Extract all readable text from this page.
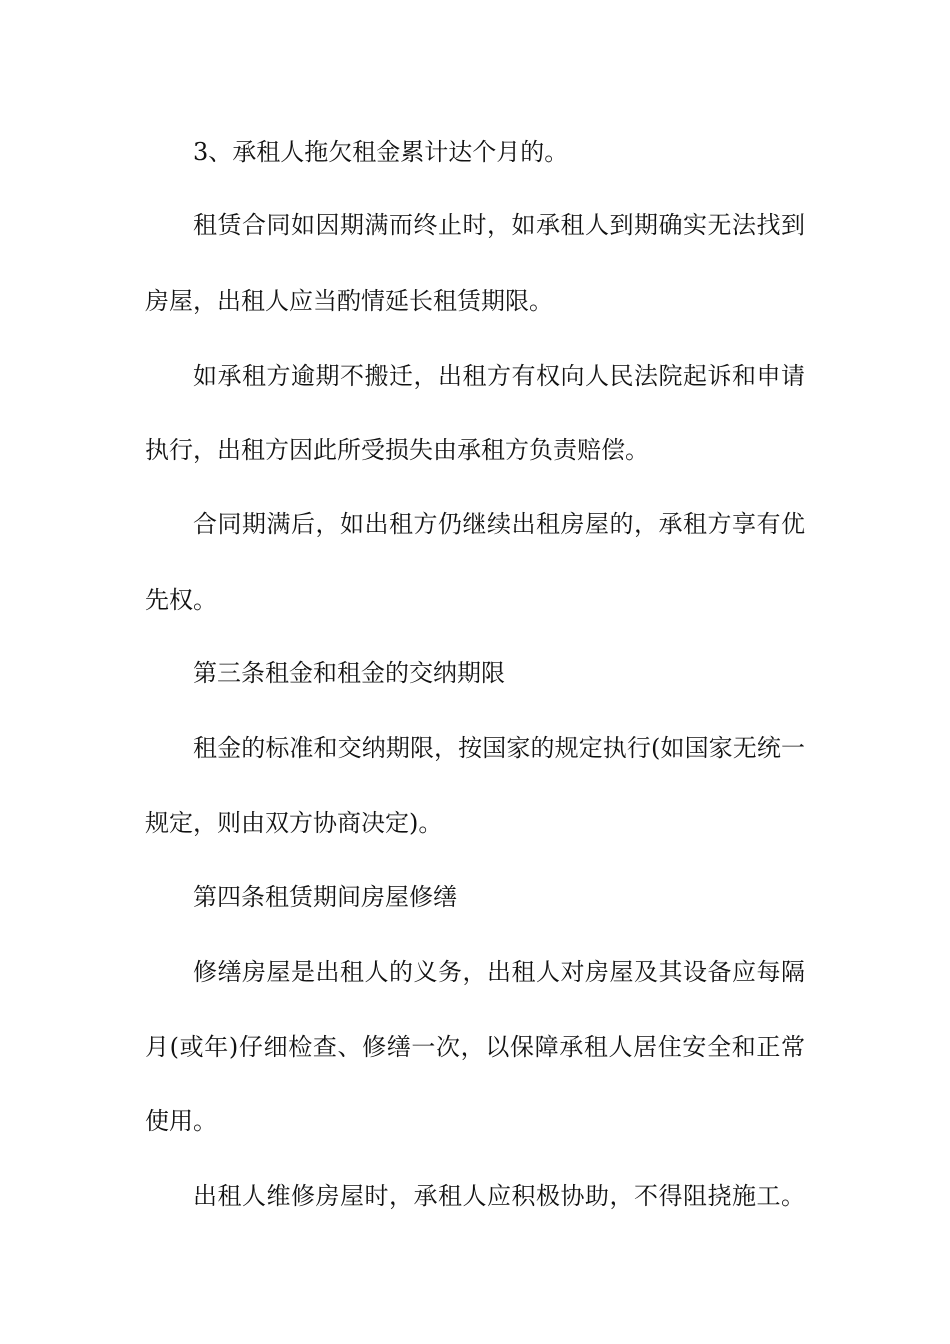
3、承租人拖欠租金累计达个月的。
租赁合同如因期满而终止时，如承租人到期确实无法找到
房屋，出租人应当酌情延长租赁期限。
如承租方逾期不搬迁，出租方有权向人民法院起诉和申请
执行，出租方因此所受损失由承租方负责赔偿。
合同期满后，如出租方仍继续出租房屋的，承租方享有优
先权。
第三条租金和租金的交纳期限
租金的标准和交纳期限，按国家的规定执行(如国家无统一
规定，则由双方协商决定)。
第四条租赁期间房屋修缮
修缮房屋是出租人的义务，出租人对房屋及其设备应每隔
月(或年)仔细检查、修缮一次，以保障承租人居住安全和正常
使用。
出租人维修房屋时，承租人应积极协助，不得阻挠施工。
